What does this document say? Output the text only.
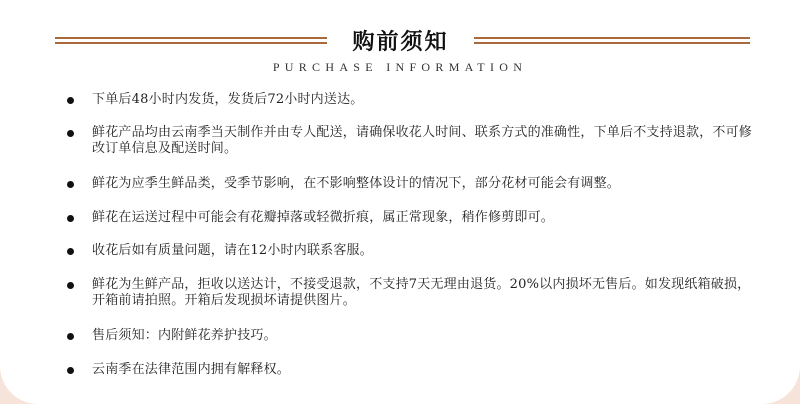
购前须知
PURCHASE INFORMATION
下单后48小时内发货，发货后72小时内送达。
鲜花产品均由云南季当天制作并由专人配送，请确保收花人时间、联系方式的准确性，下单后不支持退款，不可修改订单信息及配送时间。
鲜花为应季生鲜品类，受季节影响，在不影响整体设计的情况下，部分花材可能会有调整。
鲜花在运送过程中可能会有花瓣掉落或轻微折痕，属正常现象，稍作修剪即可。
收花后如有质量问题，请在12小时内联系客服。
鲜花为生鲜产品，拒收以送达计，不接受退款，不支持7天无理由退货。20%以内损坏无售后。如发现纸箱破损，开箱前请拍照。开箱后发现损坏请提供图片。
售后须知：内附鲜花养护技巧。
云南季在法律范围内拥有解释权。
